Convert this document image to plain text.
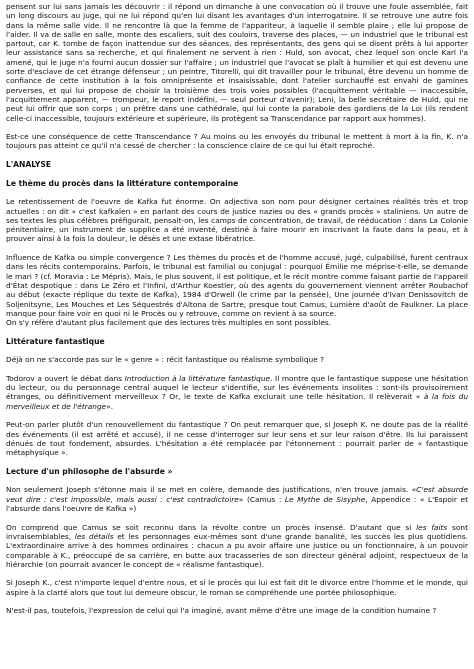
pensent sur lui sans jamais les découvrir : il répond un dimanche à une convocation où il trouve une foule assemblée, fait un long discours au juge, qui ne lui répond qu'en lui disant les avantages d'un interrogatoire. Il se retrouve une autre fois dans la même salle vide. Il ne rencontre là que la femme de l'appariteur, à laquelle il semble plaire ; elle lui propose de l'aider. Il va de salle en salle, monte des escaliers, suit des couloirs, traverse des places, — un industriel que le tribunal est partout, car K. tombe de façon inattendue sur des séances, des représentants, des gens qui se disent prêts à lui apporter leur assistance sans sa recherche, et qui finalement ne servent à rien : Huld, son avocat, chez lequel son oncle Karl l'a amené, qui le juge n'a fourni aucun dossier sur l'affaire ; un industriel que l'avocat se plaît à humilier et qui est devenu une sorte d'esclave de cet étrange défenseur ; un peintre, Titorelli, qui dit travailler pour le tribunal, être devenu un homme de confiance de cette institution à la fois omniprésente et insaisissable, dont l'atelier surchauffé est envahi de gamines perverses, et qui lui propose de choisir la troisième des trois voies possibles (l'acquittement véritable — inaccessible, l'acquittement apparent, — trompeur, le report indéfini, — seul porteur d'avenir); Leni, la belle secrétaire de Huld, qui ne peut lui offrir que son corps ; un prêtre dans une cathédrale, qui lui conte la parabole des gardiens de la Loi (ils rendent celle-ci inaccessible, toujours extérieure et supérieure, ils protègent sa Transcendance par rapport aux hommes).

Est-ce une conséquence de cette Transcendance ? Au moins ou les envoyés du tribunal le mettent à mort à la fin, K. n'a toujours pas atteint ce qu'il n'a cessé de chercher : la conscience claire de ce qui lui était reproché.

L'ANALYSE
Le thème du procès dans la littérature contemporaine

Le retentissement de l'oeuvre de Kafka fut énorme. On adjectiva son nom pour désigner certaines réalités très et trop actuelles : on dit « c'est kafkaïen » en parlant des cours de justice nazies ou des « grands procès » staliniens. Un autre de ses textes les plus célèbres préfigurait, pensait-on, les camps de concentration, de travail, de rééducation : dans La Colonie pénitentiaire, un instrument de supplice a été inventé, destiné à faire mourir en inscrivant la faute dans la peau, et à prouver ainsi à la fois la douleur, le désès et une extase libératrice.

Influence de Kafka ou simple convergence ? Les thèmes du procès et de l'homme accusé, jugé, culpabilisé, furent centraux dans les récits contemporains. Parfois, le tribunal est familial ou conjugal : pourquoi Émilie me méprise-t-elle, se demande le mari ? (cf. Moravia : Le Mépris). Mais, le plus souvent, il est politique, et le récit montre comme faisant partie de l'appareil d'État despotique : dans Le Zéro et l'Infini, d'Arthur Koestler, où des agents du gouvernement viennent arrêter Roubachof au début (exacte réplique du texte de Kafka), 1984 d'Orwell (le crime par la pensée), Une journée d'Ivan Denissovitch de Soljenitsyne, Les Mouches et Les Séquestrés d'Altona de Sartre, presque tout Camus, Lumière d'août de Faulkner. La place manque pour faire voir en quoi ni le Procès ou y retrouve, comme on revient à sa source.

On s'y réfère d'autant plus facilement que des lectures très multiples en sont possibles.

Littérature fantastique

Déjà on ne s'accorde pas sur le « genre » : récit fantastique ou réalisme symbolique ?

Todorov a ouvert le débat dans Introduction à la littérature fantastique. Il montre que le fantastique suppose une hésitation du lecteur, ou du personnage central auquel le lecteur s'identifie, sur les événements insolites : sont-ils provisoirement étranges, ou définitivement merveilleux ? Or, le texte de Kafka exclurait une telle hésitation. Il relèverait « à la fois du merveilleux et de l'étrange».

Peut-on parler plutôt d'un renouvellement du fantastique ? On peut remarquer que, si Joseph K. ne doute pas de la réalité des événements (il est arrêté et accusé), il ne cesse d'interroger sur leur sens et sur leur raison d'être. Ils lui paraissent dénués de tout fondement, absurdes. L'hésitation a été remplacée par l'étonnement : pourrait parler de « fantastique métaphysique ».

Lecture d'un philosophe de l'absurde »

Non seulement Joseph s'étonne mais il se met en colère, demande des justifications, n'en trouve jamais. «C'est absurde veut dire : c'est impossible, mais aussi : c'est contradictoire» (Camus : Le Mythe de Sisyphe, Appendice : « L'Espoir et l'absurde dans l'oeuvre de Kafka »)

On comprend que Camus se soit reconnu dans la révolte contre un procès insensé. D'autant que si les faits sont invraisemblables, les détails et les personnages eux-mêmes sont d'une grande banalité, les succès les plus quotidiens. L'extraordinaire arrive à des hommes ordinaires : chacun a pu avoir affaire une justice ou un fonctionnaire, à un pouvoir comparable à K., préoccupé de sa carrière, en butte aux tracasseries de son directeur général adjoint, respectueux de la hiérarchie (on pourrait avancer le concept de « réalisme fantastique).

Si Joseph K., c'est n'importe lequel d'entre nous, et si le procès qui lui est fait dit le divorce entre l'homme et le monde, qui aspire à la clarté alors que tout lui demeure obscur, le roman se compréhende une portée philosophique.

N'est-il pas, toutefois, l'expression de celui qui l'a imaginé, avant même d'être une image de la condition humaine ?
